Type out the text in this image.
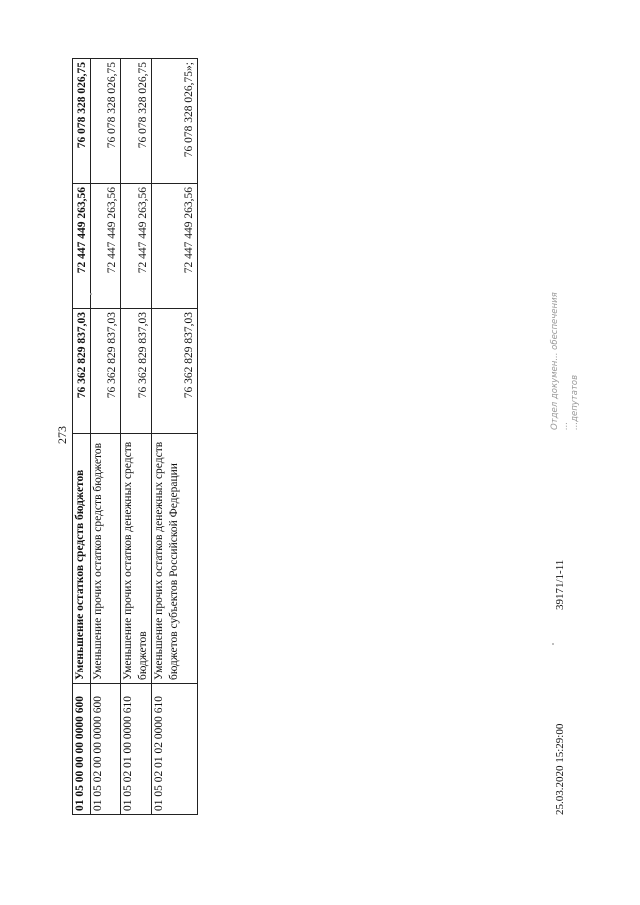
273
01 05 00 00 00 0000 600	Уменьшение остатков средств бюджетов	76 362 829 837,03	72 447 449 263,56	76 078 328 026,75
01 05 02 00 00 0000 600	Уменьшение прочих остатков средств бюджетов	76 362 829 837,03	72 447 449 263,56	76 078 328 026,75
01 05 02 01 00 0000 610	Уменьшение прочих остатков денежных средств бюджетов	76 362 829 837,03	72 447 449 263,56	76 078 328 026,75
01 05 02 01 02 0000 610	Уменьшение прочих остатков денежных средств бюджетов субъектов Российской Федерации	76 362 829 837,03	72 447 449 263,56	76 078 328 026,75»;
25.03.2020 15:29:00
39171/1-11
Отдел докумен... обеспечения ... ...депутатов
